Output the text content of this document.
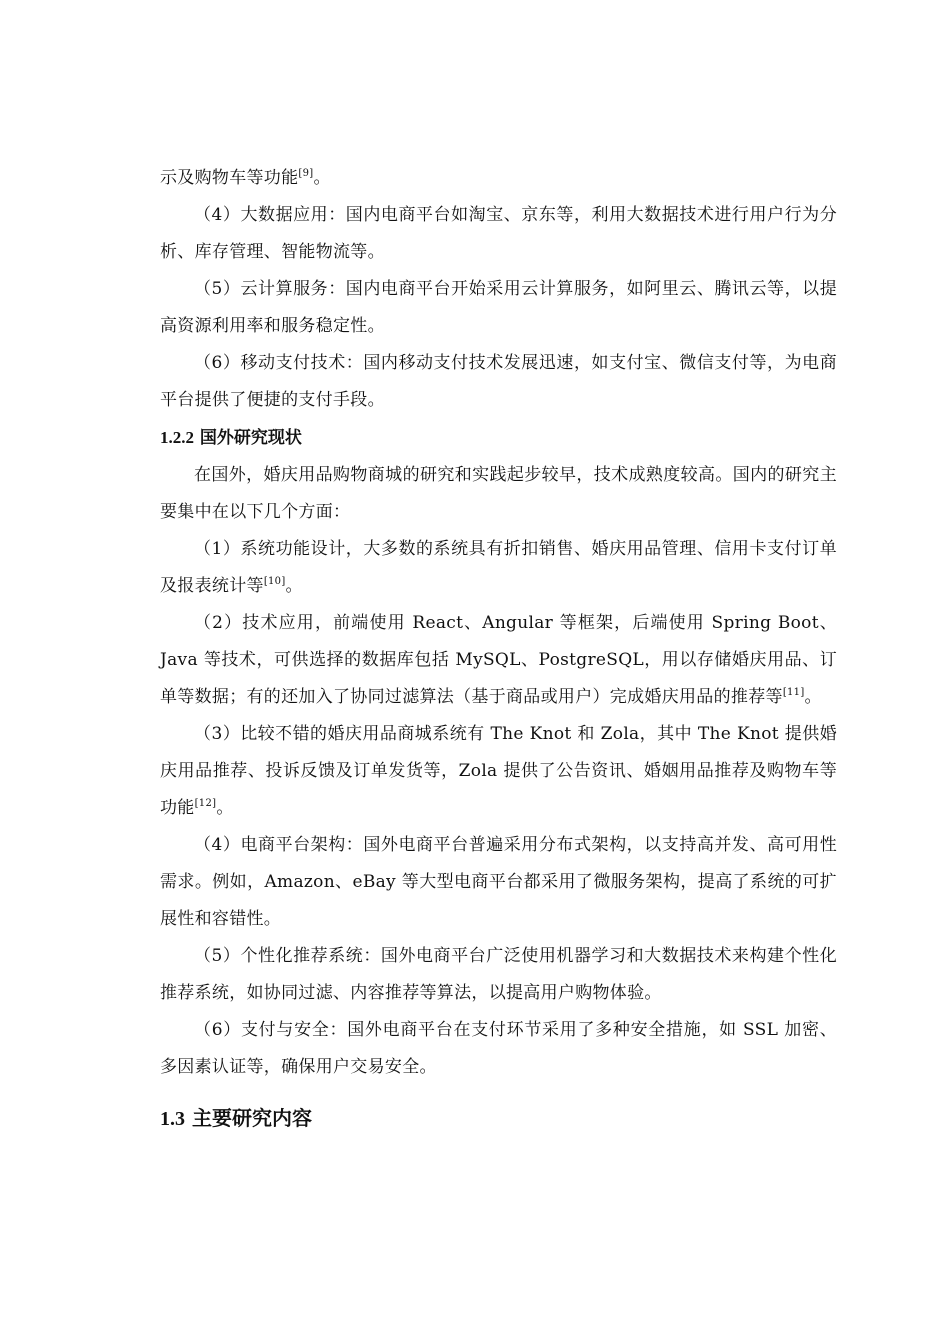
示及购物车等功能[9]。

（4）大数据应用：国内电商平台如淘宝、京东等，利用大数据技术进行用户行为分析、库存管理、智能物流等。

（5）云计算服务：国内电商平台开始采用云计算服务，如阿里云、腾讯云等，以提高资源利用率和服务稳定性。

（6）移动支付技术：国内移动支付技术发展迅速，如支付宝、微信支付等，为电商平台提供了便捷的支付手段。

1.2.2 国外研究现状

在国外，婚庆用品购物商城的研究和实践起步较早，技术成熟度较高。国内的研究主要集中在以下几个方面：

（1）系统功能设计，大多数的系统具有折扣销售、婚庆用品管理、信用卡支付订单及报表统计等[10]。

（2）技术应用，前端使用 React、Angular 等框架，后端使用 Spring Boot、Java 等技术，可供选择的数据库包括 MySQL、PostgreSQL，用以存储婚庆用品、订单等数据；有的还加入了协同过滤算法（基于商品或用户）完成婚庆用品的推荐等[11]。

（3）比较不错的婚庆用品商城系统有 The Knot 和 Zola，其中 The Knot 提供婚庆用品推荐、投诉反馈及订单发货等，Zola 提供了公告资讯、婚姻用品推荐及购物车等功能[12]。

（4）电商平台架构：国外电商平台普遍采用分布式架构，以支持高并发、高可用性需求。例如，Amazon、eBay 等大型电商平台都采用了微服务架构，提高了系统的可扩展性和容错性。

（5）个性化推荐系统：国外电商平台广泛使用机器学习和大数据技术来构建个性化推荐系统，如协同过滤、内容推荐等算法，以提高用户购物体验。

（6）支付与安全：国外电商平台在支付环节采用了多种安全措施，如 SSL 加密、多因素认证等，确保用户交易安全。

1.3 主要研究内容
